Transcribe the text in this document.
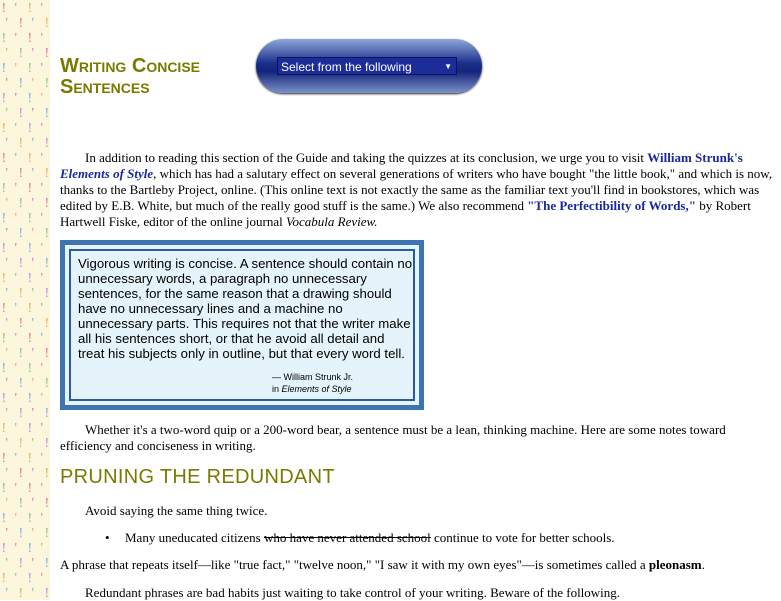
! ' ! '
' ! ' !
! ' ! '
' ! ' !
! ' ! '
' ! ' !
! ' ! '
' ! ' !
! ' ! '
' ! ' !
! ' ! '
' ! ' !
! ' ! '
' ! ' !
! ' ! '
' ! ' !
! ' ! '
' ! ' !
! ' ! '
' ! ' !
! ' ! '
' ! ' !
! ' ! '
' ! ' !
! ' ! '
' ! ' !
! ' ! '
' ! ' !
! ' ! '
' ! ' !
! ' ! '
' ! ' !
! ' ! '
' ! ' !
! ' ! '
' ! ' !
! ' ! '
' ! ' !
! ' ! '
' ! ' !
Writing Concise
Sentences
Select from the following	▼

In addition to reading this section of the Guide and taking the quizzes at its conclusion, we urge you to visit William Strunk's Elements of Style, which has had a salutary effect on several generations of writers who have bought "the little book," and which is now, thanks to the Bartleby Project, online. (This online text is not exactly the same as the familiar text you'll find in bookstores, which was edited by E.B. White, but much of the really good stuff is the same.) We also recommend "The Perfectibility of Words," by Robert Hartwell Fiske, editor of the online journal Vocabula Review.

Vigorous writing is concise. A sentence should contain no unnecessary words, a paragraph no unnecessary sentences, for the same reason that a drawing should have no unnecessary lines and a machine no unnecessary parts. This requires not that the writer make all his sentences short, or that he avoid all detail and treat his subjects only in outline, but that every word tell.
— William Strunk Jr.
in Elements of Style

Whether it's a two-word quip or a 200-word bear, a sentence must be a lean, thinking machine. Here are some notes toward efficiency and conciseness in writing.

PRUNING THE REDUNDANT

Avoid saying the same thing twice.

• Many uneducated citizens who have never attended school continue to vote for better schools.

A phrase that repeats itself—like "true fact," "twelve noon," "I saw it with my own eyes"—is sometimes called a pleonasm.

Redundant phrases are bad habits just waiting to take control of your writing. Beware of the following.
